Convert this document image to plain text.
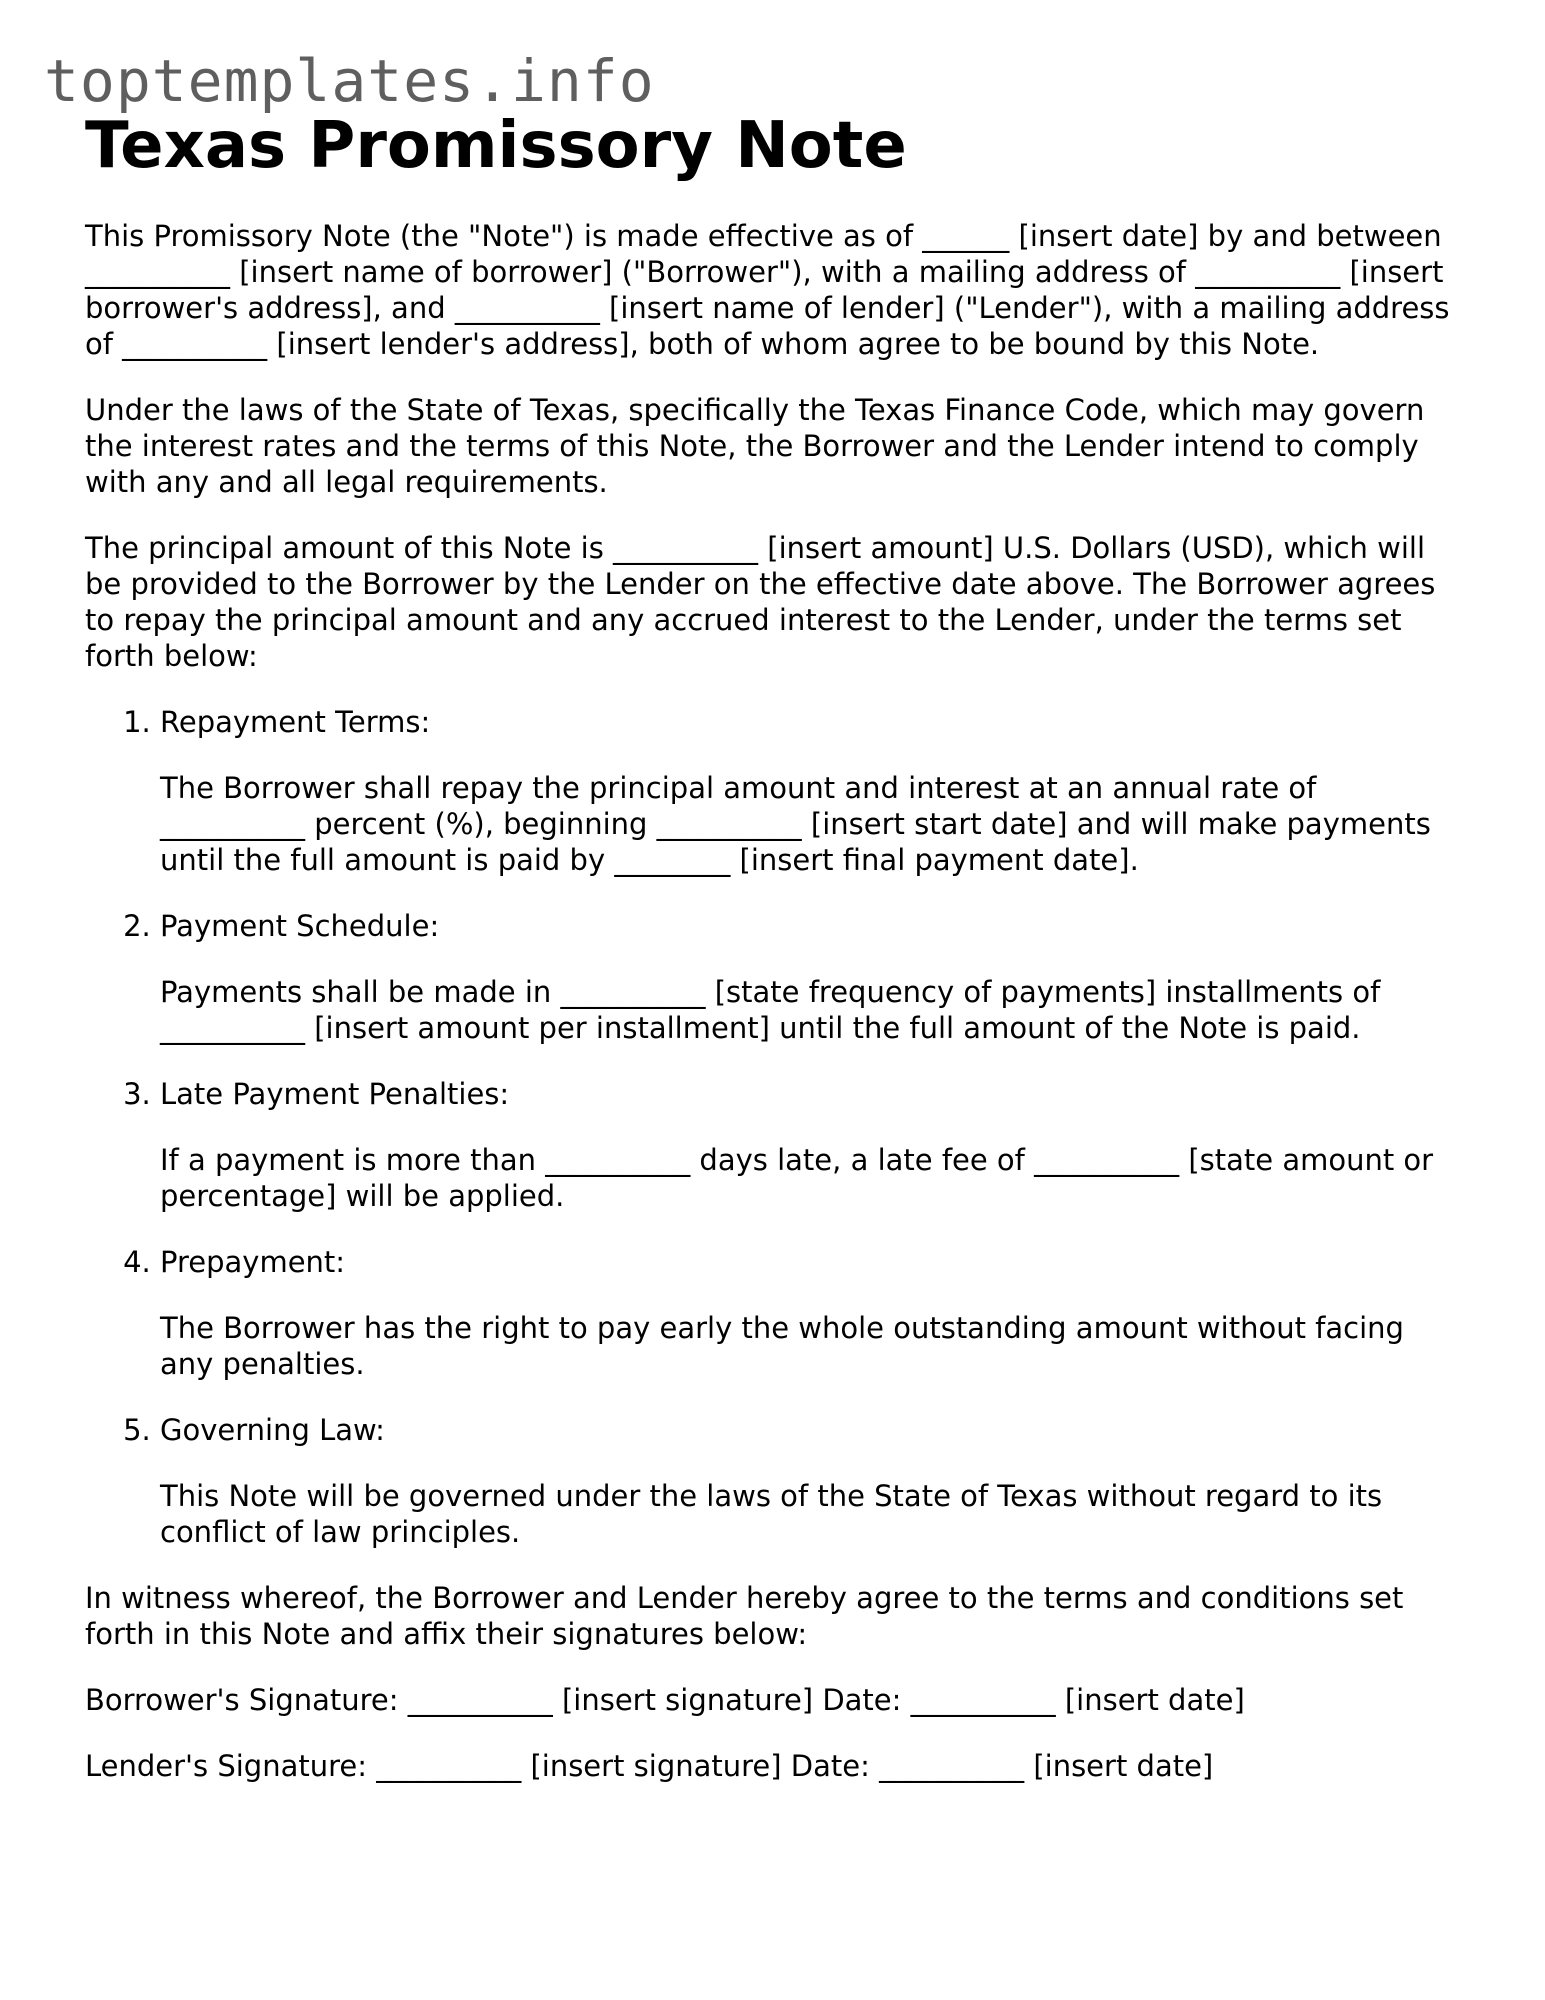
toptemplates.info
Texas Promissory Note

This Promissory Note (the "Note") is made effective as of ______ [insert date] by and between __________ [insert name of borrower] ("Borrower"), with a mailing address of __________ [insert borrower's address], and __________ [insert name of lender] ("Lender"), with a mailing address of __________ [insert lender's address], both of whom agree to be bound by this Note.

Under the laws of the State of Texas, specifically the Texas Finance Code, which may govern the interest rates and the terms of this Note, the Borrower and the Lender intend to comply with any and all legal requirements.

The principal amount of this Note is __________ [insert amount] U.S. Dollars (USD), which will be provided to the Borrower by the Lender on the effective date above. The Borrower agrees to repay the principal amount and any accrued interest to the Lender, under the terms set forth below:

1. Repayment Terms:

The Borrower shall repay the principal amount and interest at an annual rate of __________ percent (%), beginning __________ [insert start date] and will make payments until the full amount is paid by ________ [insert final payment date].

2. Payment Schedule:

Payments shall be made in __________ [state frequency of payments] installments of __________ [insert amount per installment] until the full amount of the Note is paid.

3. Late Payment Penalties:

If a payment is more than __________ days late, a late fee of __________ [state amount or percentage] will be applied.

4. Prepayment:

The Borrower has the right to pay early the whole outstanding amount without facing any penalties.

5. Governing Law:

This Note will be governed under the laws of the State of Texas without regard to its conflict of law principles.

In witness whereof, the Borrower and Lender hereby agree to the terms and conditions set forth in this Note and affix their signatures below:

Borrower's Signature: __________ [insert signature] Date: __________ [insert date]

Lender's Signature: __________ [insert signature] Date: __________ [insert date]
